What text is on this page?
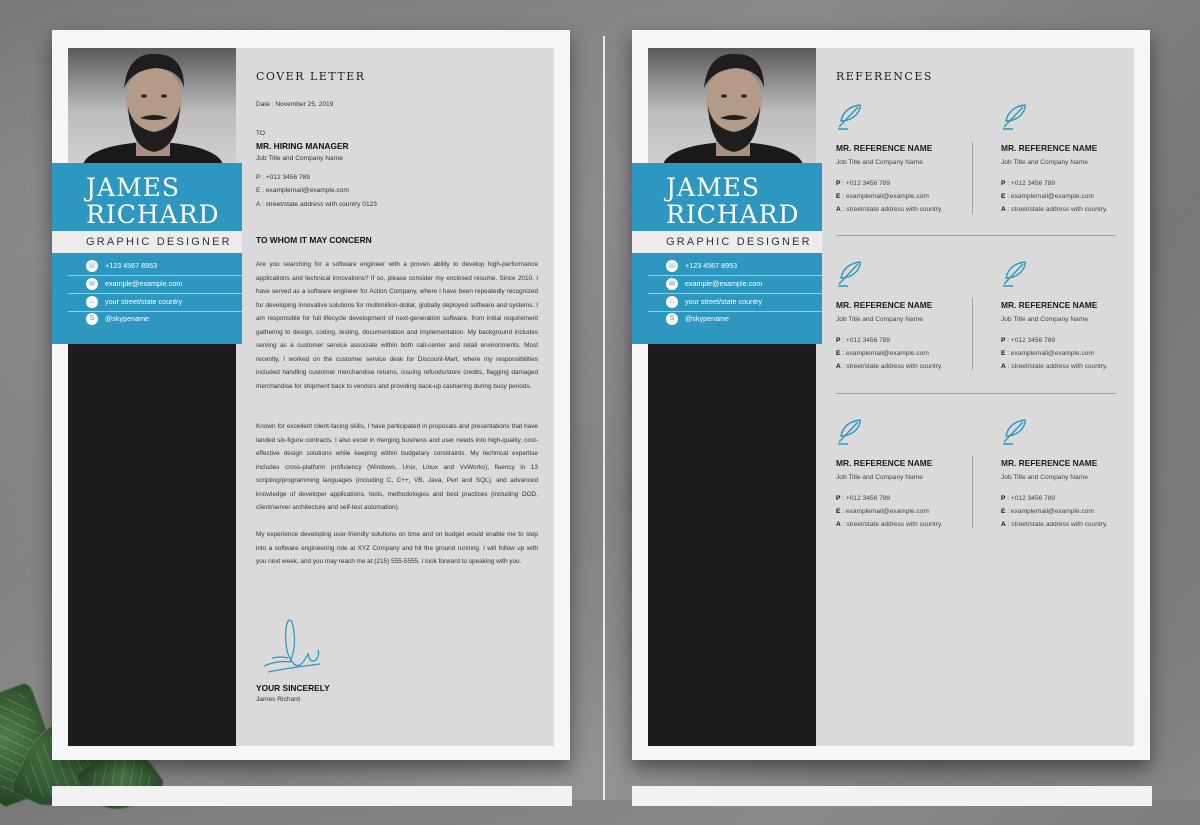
JAMES
RICHARD
GRAPHIC DESIGNER
☏ +123 4567 8953
✉	example@example.com
⌂	your street/state country
S	@skypename
COVER LETTER
Date : November 25, 2019
TO
MR. HIRING MANAGER
Job Title and Company Name
P : +012 3456 789
E : examplemail@example.com
A : street/state address with country 0123
TO WHOM IT MAY CONCERN
Are you searching for a software engineer with a proven ability to develop high-performance applications and technical innovations? If so, please consider my enclosed resume. Since 2010, I have served as a software engineer for Action Company, where I have been repeatedly recognized for developing innovative solutions for multimillion-dollar, globally deployed software and systems. I am responsible for full lifecycle development of next-generation software, from initial requirement gathering to design, coding, testing, documentation and implementation. My background includes serving as a customer service associate within both call-center and retail environments. Most recently, I worked on the customer service desk for Discount-Mart, where my responsibilities included handling customer merchandise returns, issuing refunds/store credits, flagging damaged merchandise for shipment back to vendors and providing back-up cashiering during busy periods.
Known for excellent client-facing skills, I have participated in proposals and presentations that have landed six-figure contracts. I also excel in merging business and user needs into high-quality, cost-effective design solutions while keeping within budgetary constraints. My technical expertise includes cross-platform proficiency (Windows, Unix, Linux and VxWorks); fluency in 13 scripting/programming languages (including C, C++, VB, Java, Perl and SQL); and advanced knowledge of developer applications, tools, methodologies and best practices (including OOD, client/server architecture and self-test automation).
My experience developing user-friendly solutions on time and on budget would enable me to step into a software engineering role at XYZ Company and hit the ground running. I will follow up with you next week, and you may reach me at (215) 555-5555. I look forward to speaking with you.
YOUR SINCERELY
James Richard
JAMES
RICHARD
GRAPHIC DESIGNER
☏ +123 4567 8953
✉	example@example.com
⌂	your street/state country
S	@skypename
REFERENCES
MR. REFERENCE NAME
Job Title and Company Name
P : +012 3456 789
E : examplemail@example.com
A : street/state address with country.
MR. REFERENCE NAME
Job Title and Company Name
P : +012 3456 789
E : examplemail@example.com
A : street/state address with country.
MR. REFERENCE NAME
Job Title and Company Name
P : +012 3456 789
E : examplemail@example.com
A : street/state address with country.
MR. REFERENCE NAME
Job Title and Company Name
P : +012 3456 789
E : examplemail@example.com
A : street/state address with country.
MR. REFERENCE NAME
Job Title and Company Name
P : +012 3456 789
E : examplemail@example.com
A : street/state address with country.
MR. REFERENCE NAME
Job Title and Company Name
P : +012 3456 789
E : examplemail@example.com
A : street/state address with country.
